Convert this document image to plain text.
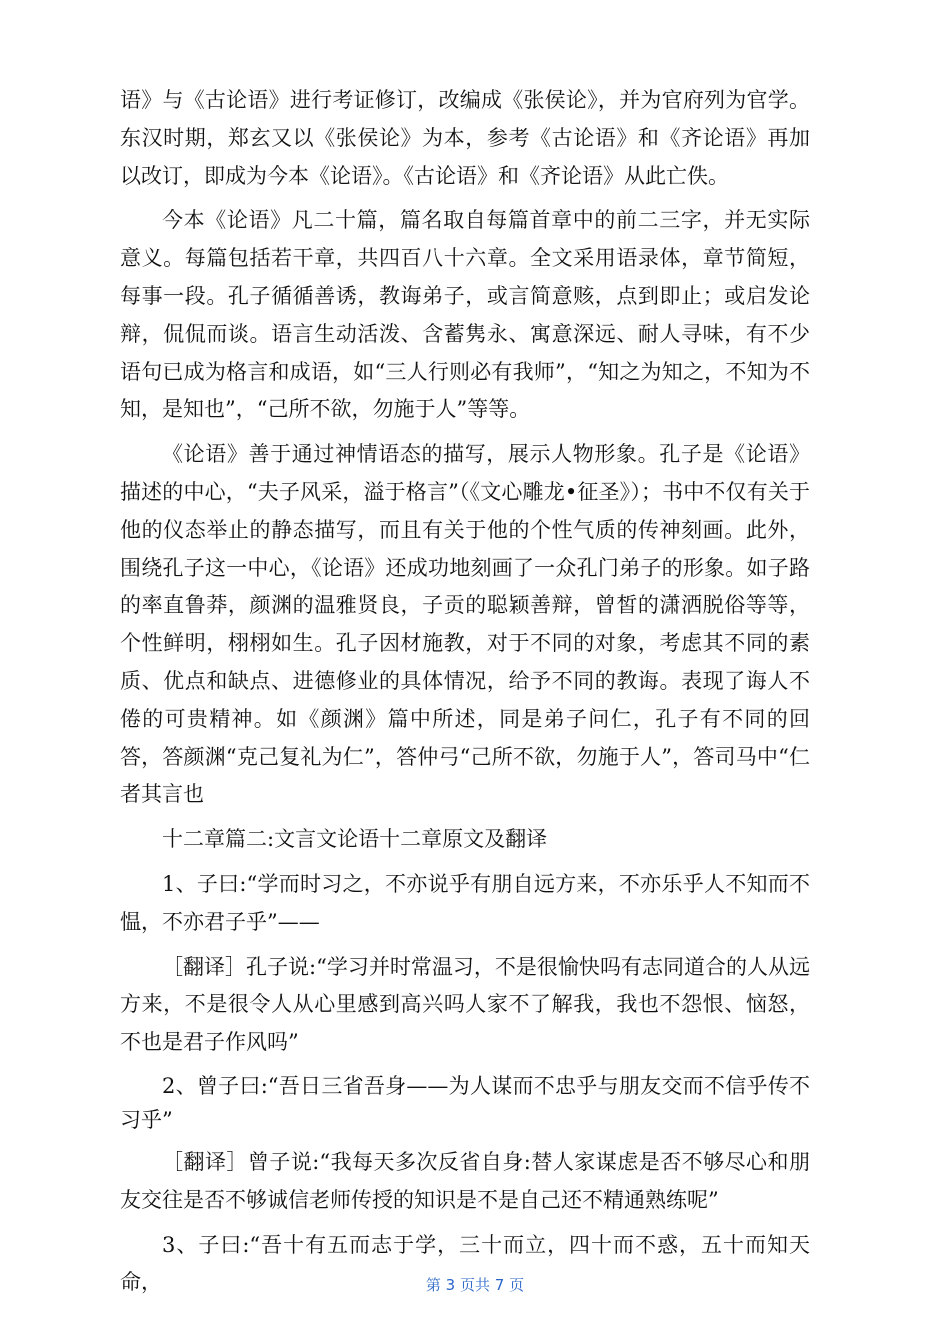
语》与《古论语》进行考证修订，改编成《张侯论》，并为官府列为官学。东汉时期，郑玄又以《张侯论》为本，参考《古论语》和《齐论语》再加以改订，即成为今本《论语》。《古论语》和《齐论语》从此亡佚。

今本《论语》凡二十篇，篇名取自每篇首章中的前二三字，并无实际意义。每篇包括若干章，共四百八十六章。全文采用语录体，章节简短，每事一段。孔子循循善诱，教诲弟子，或言简意赅，点到即止；或启发论辩，侃侃而谈。语言生动活泼、含蓄隽永、寓意深远、耐人寻味，有不少语句已成为格言和成语，如“三人行则必有我师”，“知之为知之，不知为不知，是知也”，“己所不欲，勿施于人”等等。

《论语》善于通过神情语态的描写，展示人物形象。孔子是《论语》描述的中心，“夫子风采，溢于格言”（《文心雕龙•征圣》）；书中不仅有关于他的仪态举止的静态描写，而且有关于他的个性气质的传神刻画。此外，围绕孔子这一中心，《论语》还成功地刻画了一众孔门弟子的形象。如子路的率直鲁莽，颜渊的温雅贤良，子贡的聪颖善辩，曾皙的潇洒脱俗等等，个性鲜明，栩栩如生。孔子因材施教，对于不同的对象，考虑其不同的素质、优点和缺点、进德修业的具体情况，给予不同的教诲。表现了诲人不倦的可贵精神。如《颜渊》篇中所述，同是弟子问仁，孔子有不同的回答，答颜渊“克己复礼为仁”，答仲弓“己所不欲，勿施于人”，答司马中“仁者其言也

十二章篇二:文言文论语十二章原文及翻译

1、子曰:“学而时习之，不亦说乎有朋自远方来，不亦乐乎人不知而不愠，不亦君子乎”——

［翻译］孔子说:“学习并时常温习，不是很愉快吗有志同道合的人从远方来，不是很令人从心里感到高兴吗人家不了解我，我也不怨恨、恼怒，不也是君子作风吗”

2、曾子曰:“吾日三省吾身——为人谋而不忠乎与朋友交而不信乎传不习乎”

［翻译］曾子说:“我每天多次反省自身:替人家谋虑是否不够尽心和朋友交往是否不够诚信老师传授的知识是不是自己还不精通熟练呢”

3、子曰:“吾十有五而志于学，三十而立，四十而不惑，五十而知天命，	第 3 页共 7 页
